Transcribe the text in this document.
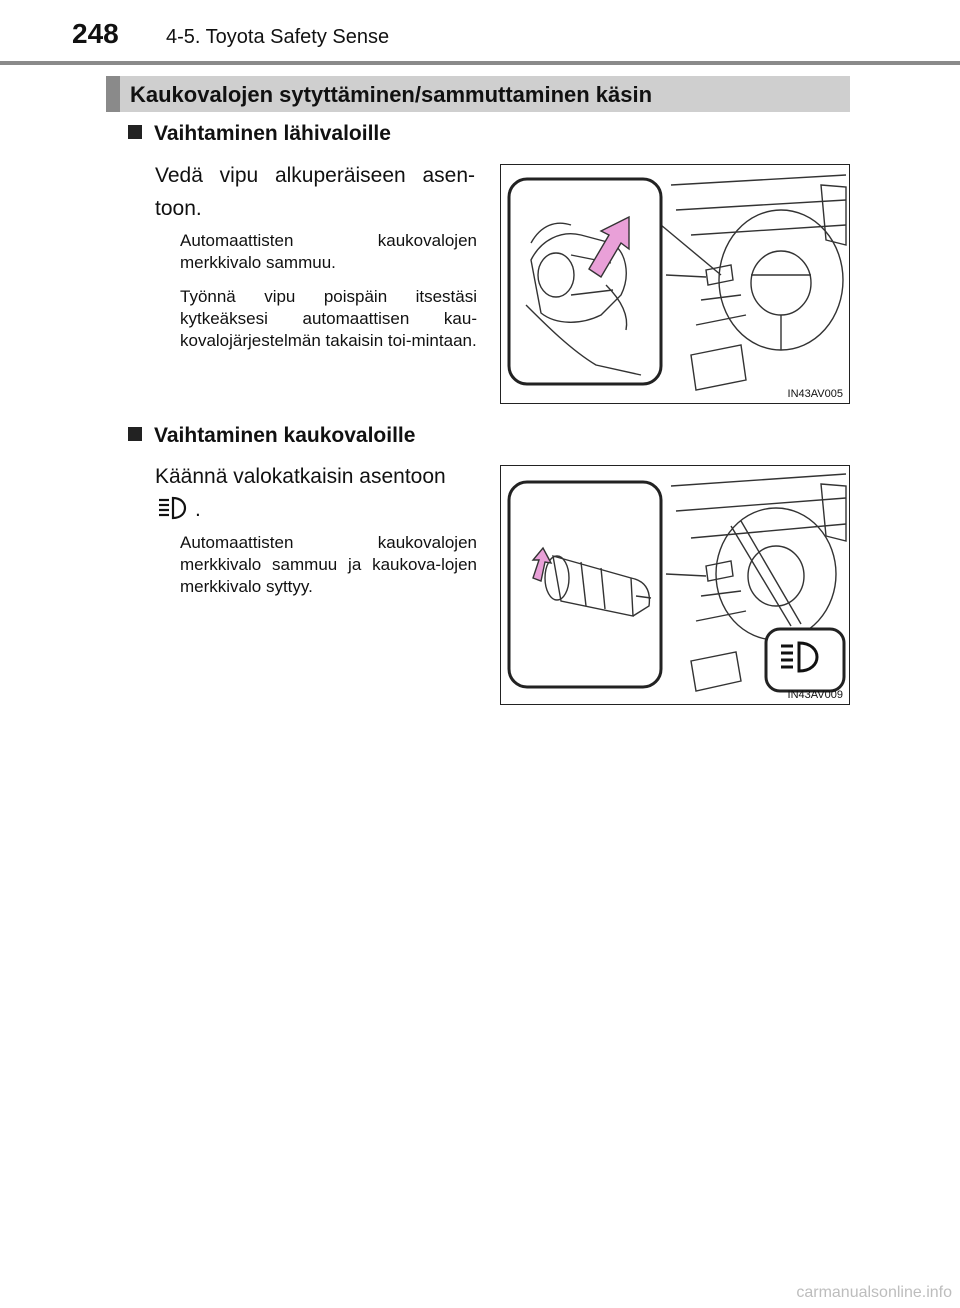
248 4-5. Toyota Safety Sense
Kaukovalojen sytyttäminen/sammuttaminen käsin
Vaihtaminen lähivaloille
Vedä vipu alkuperäiseen asen-toon.
Automaattisten kaukovalojen merkkivalo sammuu.
Työnnä vipu poispäin itsestäsi kytkeäksesi automaattisen kau-kovalojärjestelmän takaisin toi-mintaan.
IN43AV005
Vaihtaminen kaukovaloille
Käännä valokatkaisin asentoon
.
Automaattisten kaukovalojen merkkivalo sammuu ja kaukova-lojen merkkivalo syttyy.
IN43AV009
carmanualsonline.info
